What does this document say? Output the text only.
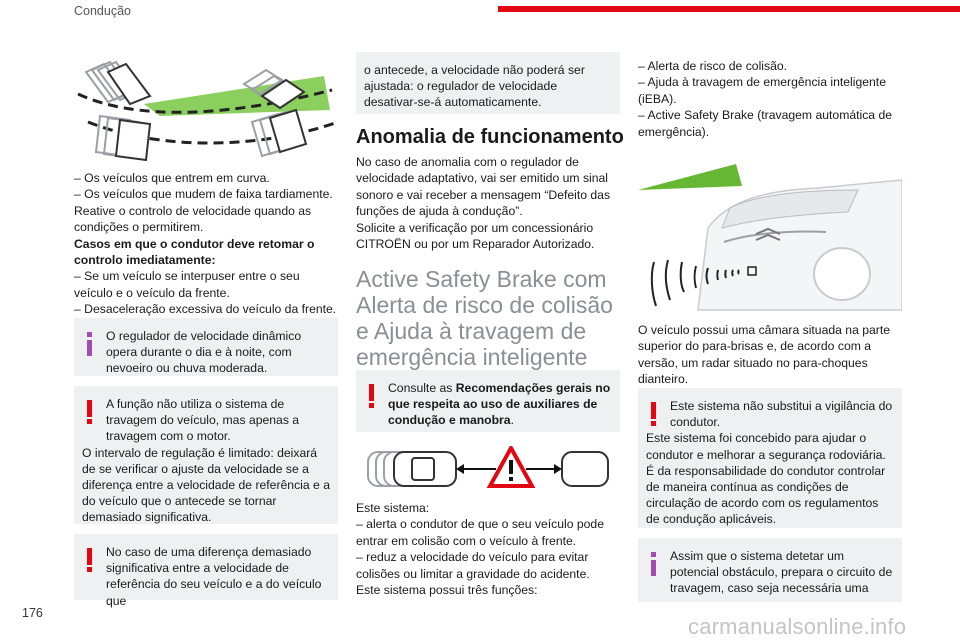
Condução

– Os veículos que entrem em curva.

– Os veículos que mudem de faixa tardiamente.

Reative o controlo de velocidade quando as condições o permitirem.

Casos em que o condutor deve retomar o controlo imediatamente:

– Se um veículo se interpuser entre o seu veículo e o veículo da frente.

– Desaceleração excessiva do veículo da frente.

O regulador de velocidade dinâmico opera durante o dia e à noite, com nevoeiro ou chuva moderada.
A função não utiliza o sistema de travagem do veículo, mas apenas a travagem com o motor.
O intervalo de regulação é limitado: deixará de se verificar o ajuste da velocidade se a diferença entre a velocidade de referência e a do veículo que o antecede se tornar demasiado significativa.
No caso de uma diferença demasiado significativa entre a velocidade de referência do seu veículo e a do veículo que
o antecede, a velocidade não poderá ser ajustada: o regulador de velocidade desativar-se-á automaticamente.
Anomalia de funcionamento

No caso de anomalia com o regulador de velocidade adaptativo, vai ser emitido um sinal sonoro e vai receber a mensagem “Defeito das funções de ajuda à condução”.

Solicite a verificação por um concessionário CITROËN ou por um Reparador Autorizado.

Active Safety Brake com Alerta de risco de colisão e Ajuda à travagem de emergência inteligente

Consulte as Recomendações gerais no que respeita ao uso de auxiliares de condução e manobra.

Este sistema:

– alerta o condutor de que o seu veículo pode entrar em colisão com o veículo à frente.

– reduz a velocidade do veículo para evitar colisões ou limitar a gravidade do acidente.

Este sistema possui três funções:

– Alerta de risco de colisão.

– Ajuda à travagem de emergência inteligente (iEBA).

– Active Safety Brake (travagem automática de emergência).

O veículo possui uma câmara situada na parte superior do para-brisas e, de acordo com a versão, um radar situado no para-choques dianteiro.

Este sistema não substitui a vigilância do condutor.
Este sistema foi concebido para ajudar o condutor e melhorar a segurança rodoviária. É da responsabilidade do condutor controlar de maneira contínua as condições de circulação de acordo com os regulamentos de condução aplicáveis.
Assim que o sistema detetar um potencial obstáculo, prepara o circuito de travagem, caso seja necessária uma
176
carmanualsonline.info
